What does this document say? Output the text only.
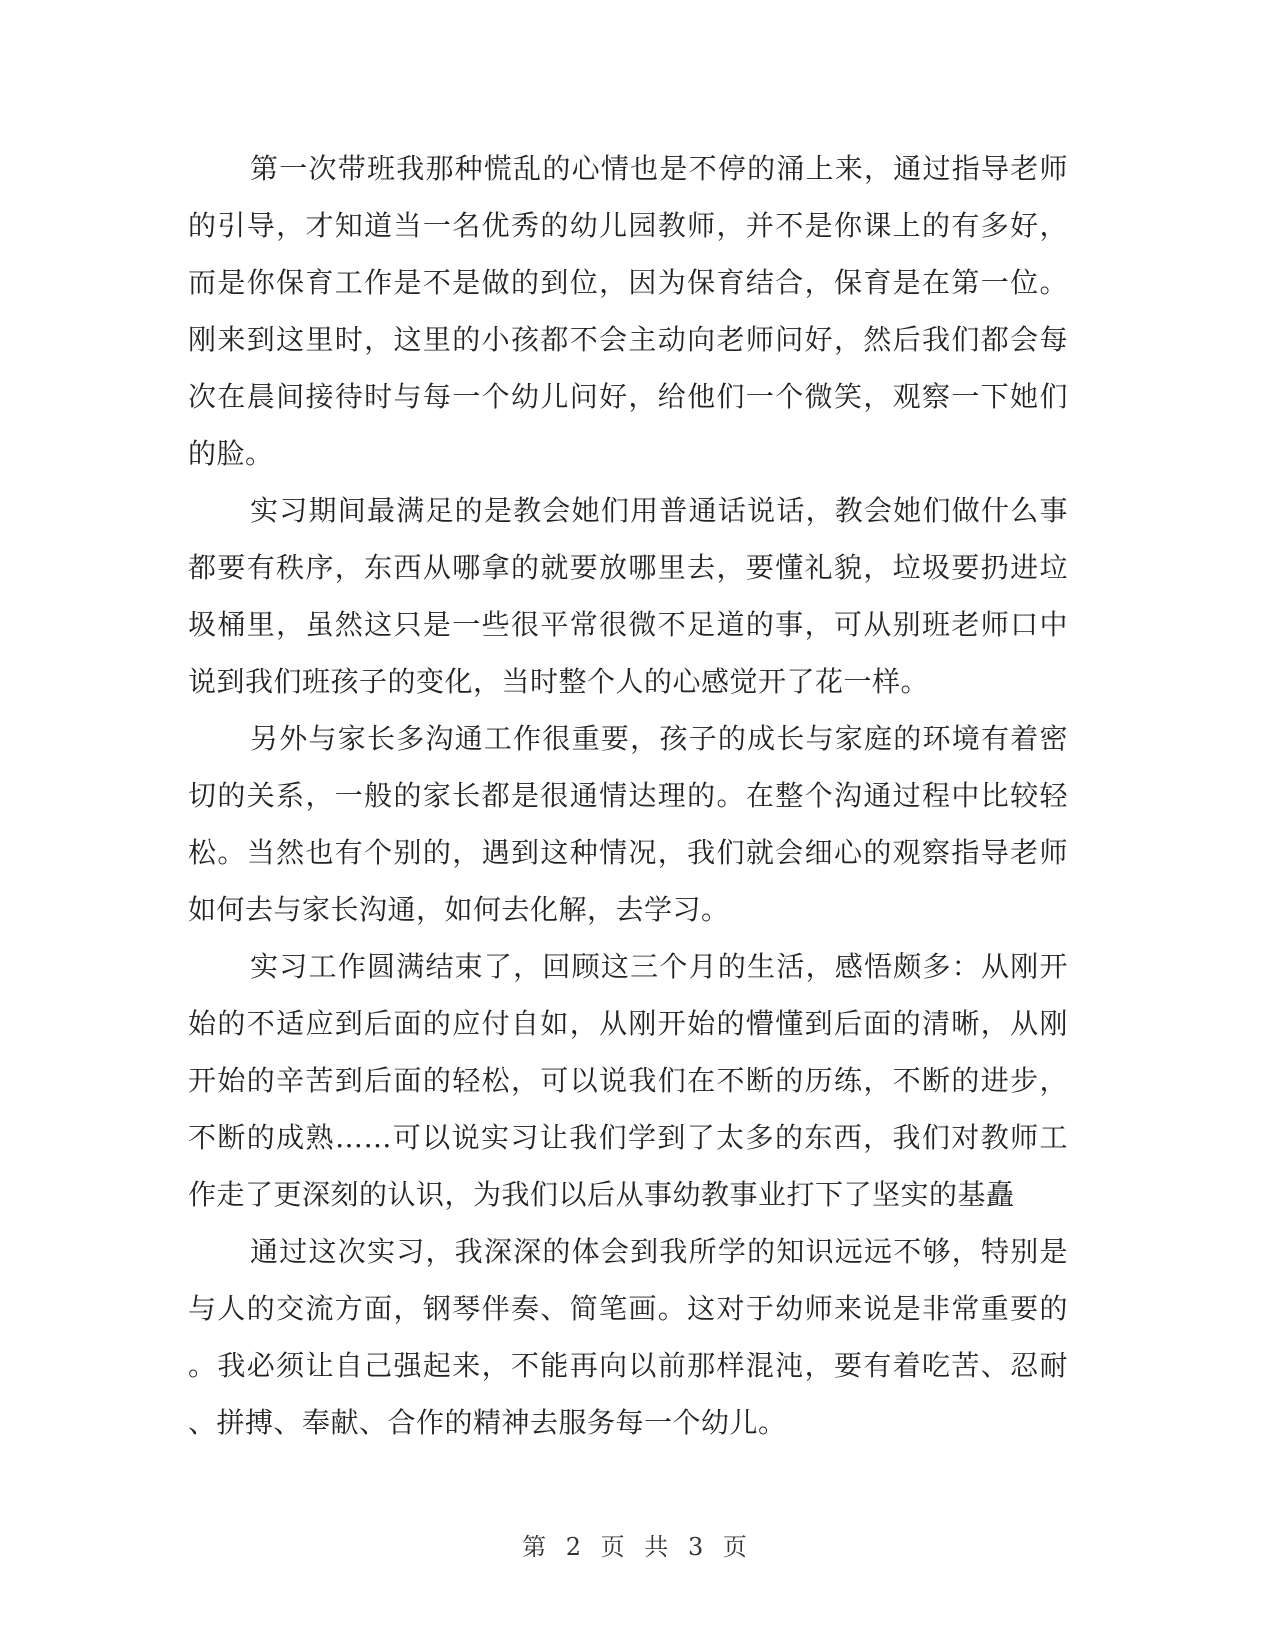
第一次带班我那种慌乱的心情也是不停的涌上来，通过指导老师
的引导，才知道当一名优秀的幼儿园教师，并不是你课上的有多好，
而是你保育工作是不是做的到位，因为保育结合，保育是在第一位。
刚来到这里时，这里的小孩都不会主动向老师问好，然后我们都会每
次在晨间接待时与每一个幼儿问好，给他们一个微笑，观察一下她们
的脸。
实习期间最满足的是教会她们用普通话说话，教会她们做什么事
都要有秩序，东西从哪拿的就要放哪里去，要懂礼貌，垃圾要扔进垃
圾桶里，虽然这只是一些很平常很微不足道的事，可从别班老师口中
说到我们班孩子的变化，当时整个人的心感觉开了花一样。
另外与家长多沟通工作很重要，孩子的成长与家庭的环境有着密
切的关系，一般的家长都是很通情达理的。在整个沟通过程中比较轻
松。当然也有个别的，遇到这种情况，我们就会细心的观察指导老师
如何去与家长沟通，如何去化解，去学习。
实习工作圆满结束了，回顾这三个月的生活，感悟颇多：从刚开
始的不适应到后面的应付自如，从刚开始的懵懂到后面的清晰，从刚
开始的辛苦到后面的轻松，可以说我们在不断的历练，不断的进步，
不断的成熟……可以说实习让我们学到了太多的东西，我们对教师工
作走了更深刻的认识，为我们以后从事幼教事业打下了坚实的基矗
通过这次实习，我深深的体会到我所学的知识远远不够，特别是
与人的交流方面，钢琴伴奏、简笔画。这对于幼师来说是非常重要的
。我必须让自己强起来，不能再向以前那样混沌，要有着吃苦、忍耐
、拼搏、奉献、合作的精神去服务每一个幼儿。
第 2 页 共 3 页
